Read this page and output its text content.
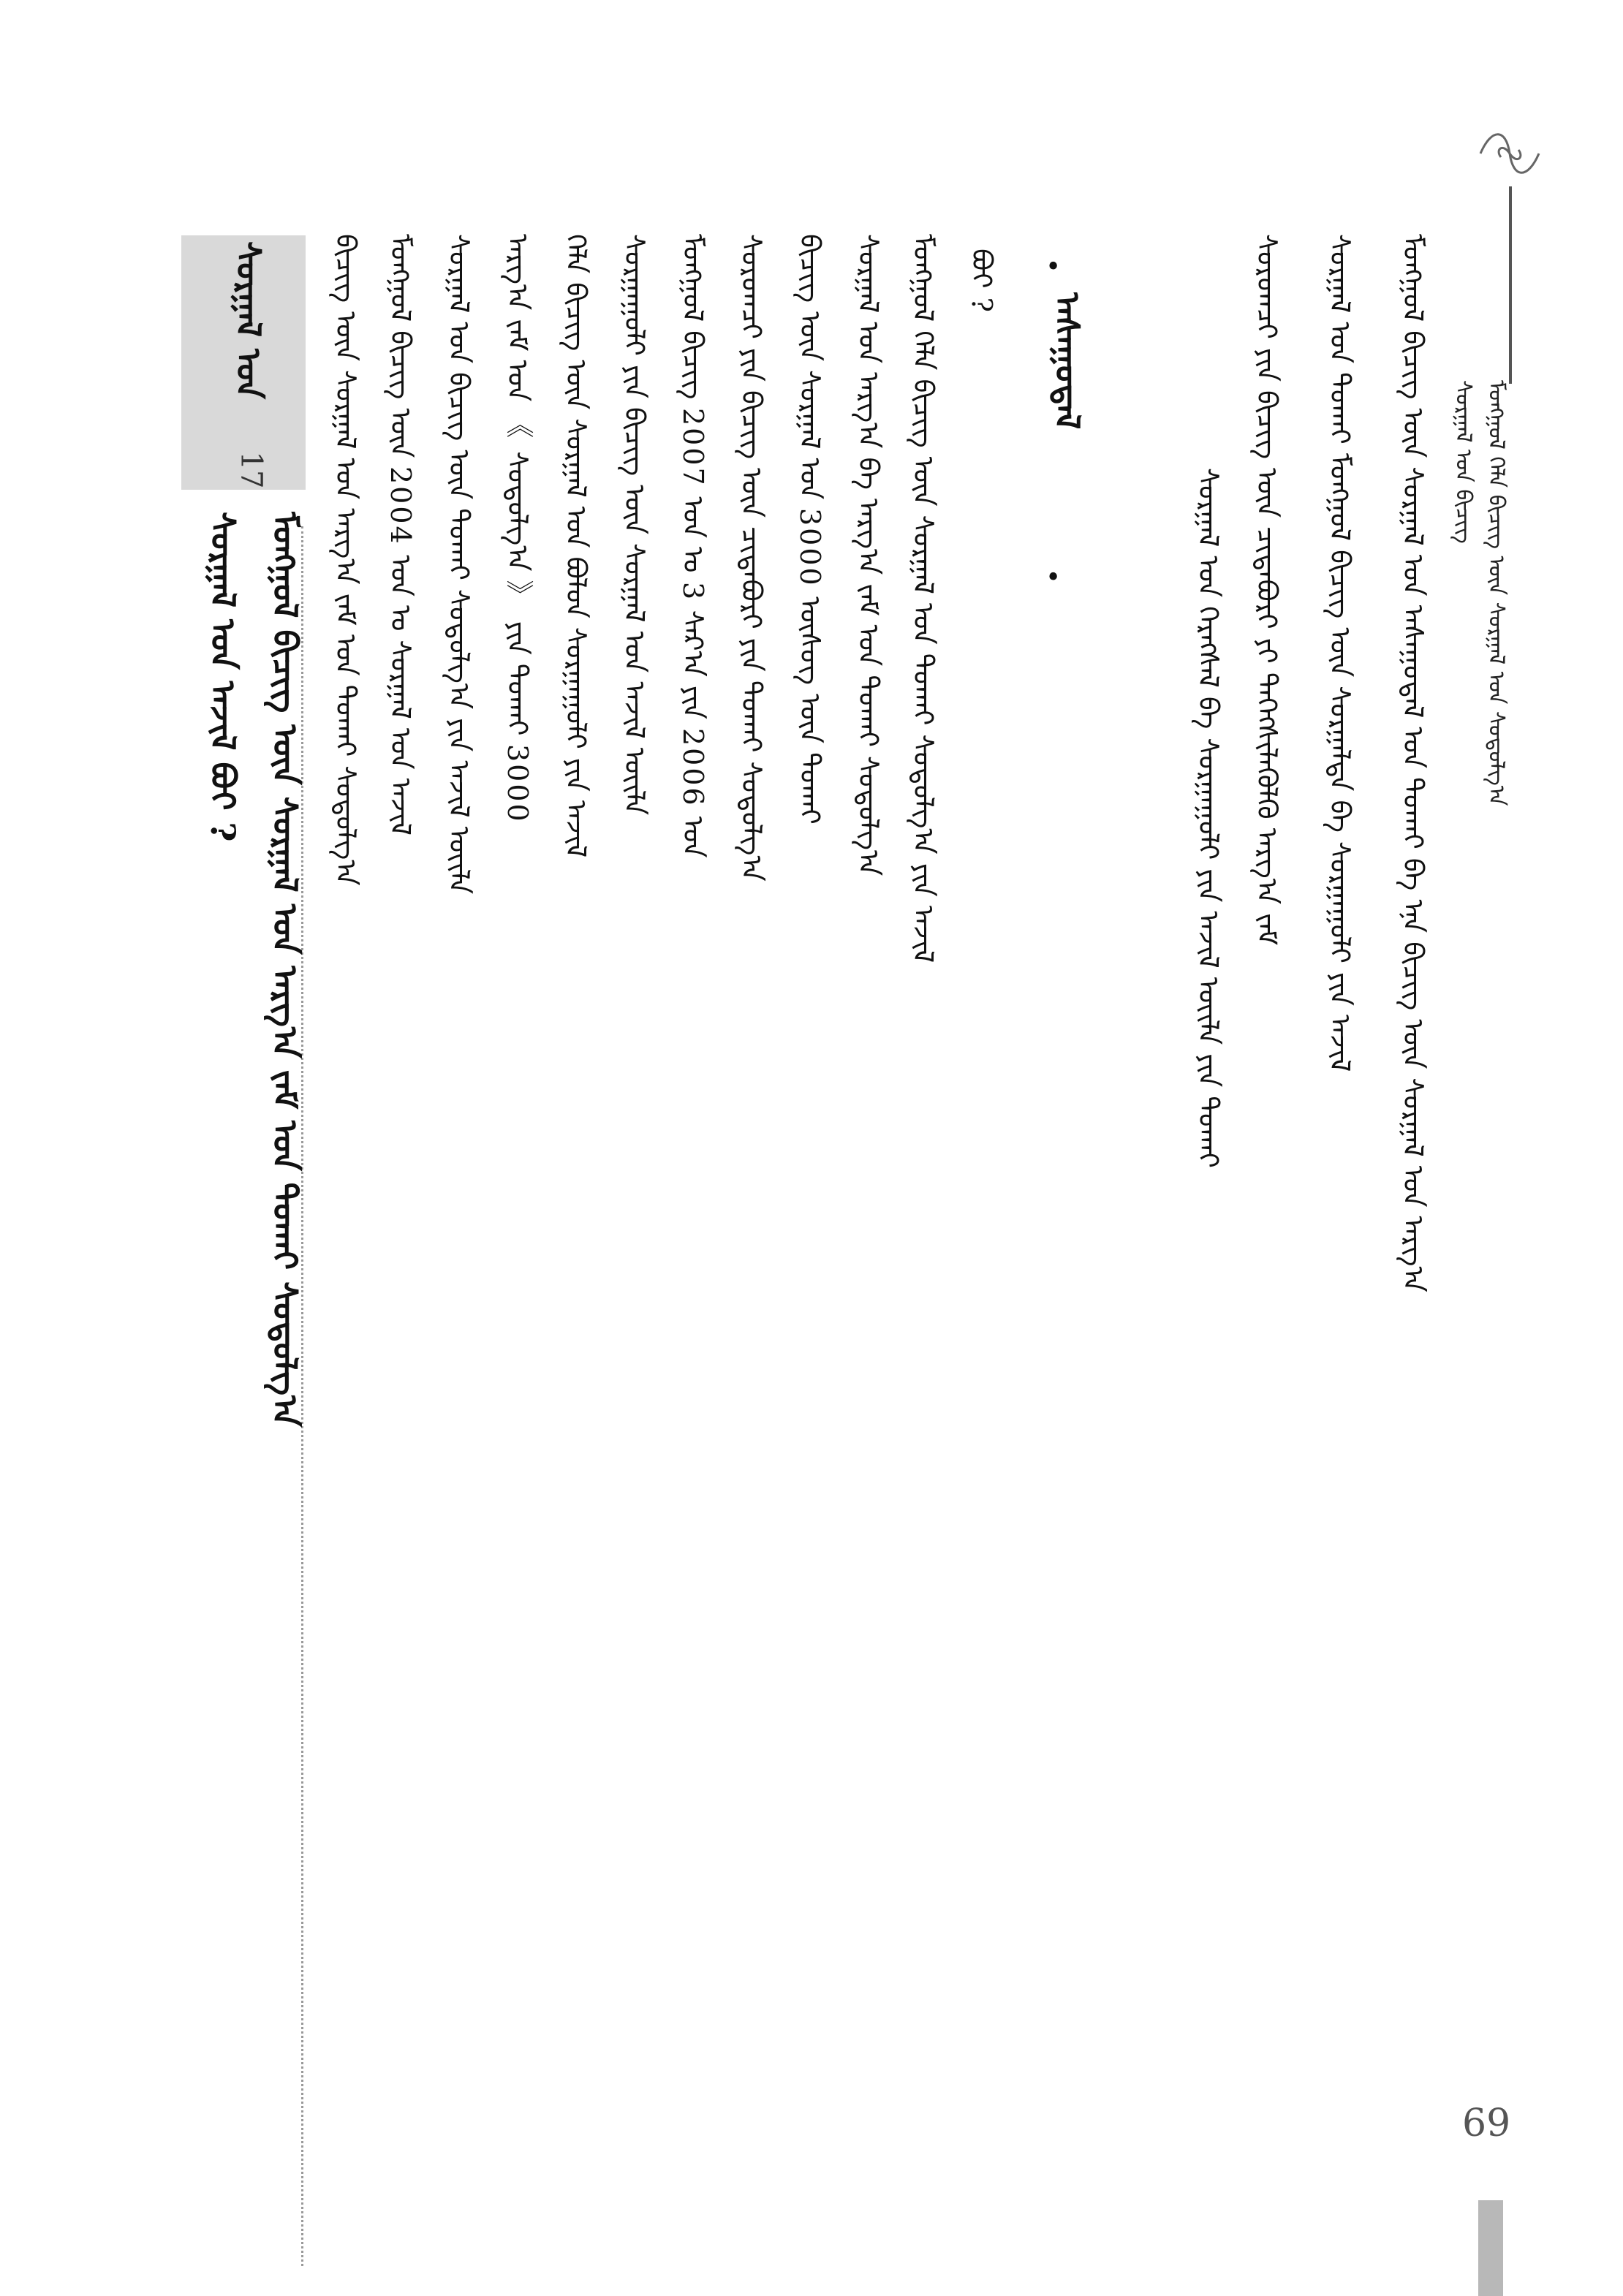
ᠮᠣᠩᠭᠣᠯ ᠬᠡᠯᠡ ᠪᠢᠴᠢᠭ᠌ ᠦᠨ ᠰᠤᠷᠭᠠᠯ ᠤᠨ ᠰᠣᠳᠤᠯᠭ᠎ᠠ
ᠰᠤᠷᠭᠠᠯ ᠤᠨ ᠪᠢᠴᠢᠭ
ᠮᠣᠩᠭᠣᠯ ᠪᠢᠴᠢᠭ᠌ ᠦᠨ ᠰᠤᠷᠭᠠᠯ ᠤᠨ ᠠᠰᠠᠭᠤᠳᠠᠯ ᠤᠨ ᠲᠤᠬᠠᠢ ᠪᠠ ᠡᠨᠡ ᠪᠢᠴᠢᠭ᠌ ᠦᠨ ᠰᠤᠷᠭᠠᠯ ᠤᠨ ᠠᠷᠭ᠎ᠠ
ᠰᠤᠷᠭᠠᠯ ᠤᠨ ᠲᠤᠬᠠᠢ ᠮᠣᠩᠭᠣᠯ ᠪᠢᠴᠢᠭ᠌ ᠦᠨ ᠰᠤᠷᠭᠠᠯᠲᠠ ᠪᠠ ᠰᠤᠷᠭᠠᠭᠤᠯᠢ ᠶᠢᠨ ᠠᠵᠢᠯ
ᠰᠤᠷᠤᠭᠴᠢ ᠶᠢᠨ ᠪᠢᠴᠢᠭ ᠦᠨ ᠴᠢᠳᠠᠪᠤᠷᠢ ᠶᠢ ᠳᠡᠭᠡᠭᠰᠢᠯᠡᠭᠦᠯᠬᠦ ᠠᠷᠭ᠎ᠠ ᠵᠠᠮ
ᠰᠤᠷᠭᠠᠯ ᠤᠨ ᠬᠡᠷᠡᠭᠰᠡᠯ ᠪᠠ ᠰᠤᠷᠭᠠᠭᠤᠯᠢ ᠶᠢᠨ ᠠᠵᠢᠯ ᠦᠢᠯᠡ ᠶᠢᠨ ᠲᠤᠬᠠᠢ
•
ᠠᠰᠠᠭᠤᠳᠠᠯ
•
ᠪᠤᠢ ?
ᠮᠣᠩᠭᠣᠯ ᠬᠡᠯᠡ ᠪᠢᠴᠢᠭ᠌ ᠦᠨ ᠰᠤᠷᠭᠠᠯ ᠤᠨ ᠲᠤᠬᠠᠢ ᠰᠤᠳᠤᠯᠭ᠎ᠠ ᠶᠢᠨ ᠠᠵᠢᠯ
ᠰᠤᠷᠭᠠᠯ ᠤᠨ ᠠᠷᠭ᠎ᠠ ᠪᠠ ᠠᠷᠭ᠎ᠠ ᠵᠠᠮ ᠤᠨ ᠲᠤᠬᠠᠢ ᠰᠤᠳᠤᠯᠭ᠎ᠠ
ᠪᠢᠴᠢᠭ᠌ ᠦᠨ ᠰᠤᠷᠭᠠᠯ ᠤᠨ 3000 ᠦᠰᠦᠭ ᠦᠨ ᠲᠤᠬᠠᠢ
ᠰᠤᠷᠤᠭᠴᠢ ᠶᠢᠨ ᠪᠢᠴᠢᠭ ᠦᠨ ᠴᠢᠳᠠᠪᠤᠷᠢ ᠶᠢᠨ ᠲᠤᠬᠠᠢ ᠰᠤᠳᠤᠯᠭ᠎ᠠ
ᠮᠣᠩᠭᠣᠯ ᠪᠢᠴᠢᠭ 2007 ᠣᠨ ᠤ 3 ᠰᠠᠷ᠎ᠠ ᠶᠢᠨ 2006 ᠣᠨ
ᠰᠤᠷᠭᠠᠭᠤᠯᠢ ᠶᠢᠨ ᠪᠢᠴᠢᠭ᠌ ᠦᠨ ᠰᠤᠷᠭᠠᠯ ᠤᠨ ᠠᠵᠢᠯ ᠦᠢᠯᠡ
ᠬᠡᠯᠡ ᠪᠢᠴᠢᠭ᠌ ᠦᠨ ᠰᠤᠷᠭᠠᠯ ᠤᠨ ᠪᠤᠯᠤᠨ ᠰᠤᠷᠭᠠᠭᠤᠯᠢ ᠶᠢᠨ ᠠᠵᠢᠯ
ᠠᠷᠭ᠎ᠠ ᠵᠠᠮ ᠤᠨ 《 ᠰᠤᠳᠤᠯᠭ᠎ᠠ 》 ᠶᠢᠨ ᠲᠤᠬᠠᠢ 3000
ᠰᠤᠷᠭᠠᠯ ᠤᠨ ᠪᠢᠴᠢᠭ ᠦᠨ ᠲᠤᠬᠠᠢ ᠰᠤᠳᠤᠯᠭ᠎ᠠ ᠶᠢᠨ ᠠᠵᠢᠯ ᠦᠢᠯᠡ
ᠮᠣᠩᠭᠣᠯ ᠪᠢᠴᠢᠭ᠌ ᠦᠨ 2004 ᠣᠨ ᠤ ᠰᠤᠷᠭᠠᠯ ᠤᠨ ᠠᠵᠢᠯ
ᠪᠢᠴᠢᠭ᠌ ᠦᠨ ᠰᠤᠷᠭᠠᠯ ᠤᠨ ᠠᠷᠭ᠎ᠠ ᠵᠠᠮ ᠤᠨ ᠲᠤᠬᠠᠢ ᠰᠤᠳᠤᠯᠭ᠎ᠠ
ᠰᠤᠷᠭᠠᠯ ᠤᠨ
17
ᠮᠣᠩᠭᠣᠯ ᠪᠢᠴᠢᠭ᠌ ᠦᠨ ᠰᠤᠷᠭᠠᠯ ᠤᠨ ᠠᠷᠭ᠎ᠠ ᠵᠠᠮ ᠤᠨ ᠲᠤᠬᠠᠢ ᠰᠤᠳᠤᠯᠭ᠎ᠠ
ᠰᠤᠷᠭᠠᠯ ᠤᠨ ᠠᠵᠢᠯ ᠪᠤᠢ ?
69
